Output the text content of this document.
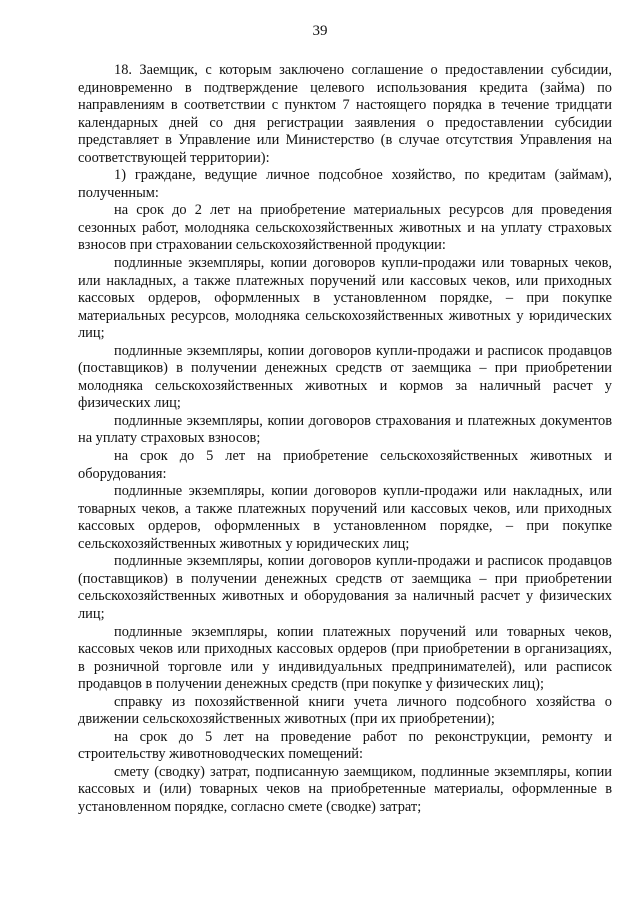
39

18. Заемщик, с которым заключено соглашение о предоставлении субсидии, единовременно в подтверждение целевого использования кредита (займа) по направлениям в соответствии с пунктом 7 настоящего порядка в течение тридцати календарных дней со дня регистрации заявления о предоставлении субсидии представляет в Управление или Министерство (в случае отсутствия Управления на соответствующей территории):

1) граждане, ведущие личное подсобное хозяйство, по кредитам (займам), полученным:

на срок до 2 лет на приобретение материальных ресурсов для проведения сезонных работ, молодняка сельскохозяйственных животных и на уплату страховых взносов при страховании сельскохозяйственной продукции:

подлинные экземпляры, копии договоров купли-продажи или товарных чеков, или накладных, а также платежных поручений или кассовых чеков, или приходных кассовых ордеров, оформленных в установленном порядке, – при покупке материальных ресурсов, молодняка сельскохозяйственных животных у юридических лиц;

подлинные экземпляры, копии договоров купли-продажи и расписок продавцов (поставщиков) в получении денежных средств от заемщика – при приобретении молодняка сельскохозяйственных животных и кормов за наличный расчет у физических лиц;

подлинные экземпляры, копии договоров страхования и платежных документов на уплату страховых взносов;

на срок до 5 лет на приобретение сельскохозяйственных животных и оборудования:

подлинные экземпляры, копии договоров купли-продажи или накладных, или товарных чеков, а также платежных поручений или кассовых чеков, или приходных кассовых ордеров, оформленных в установленном порядке, – при покупке сельскохозяйственных животных у юридических лиц;

подлинные экземпляры, копии договоров купли-продажи и расписок продавцов (поставщиков) в получении денежных средств от заемщика – при приобретении сельскохозяйственных животных и оборудования за наличный расчет у физических лиц;

подлинные экземпляры, копии платежных поручений или товарных чеков, кассовых чеков или приходных кассовых ордеров (при приобретении в организациях, в розничной торговле или у индивидуальных предпринимателей), или расписок продавцов в получении денежных средств (при покупке у физических лиц);

справку из похозяйственной книги учета личного подсобного хозяйства о движении сельскохозяйственных животных (при их приобретении);

на срок до 5 лет на проведение работ по реконструкции, ремонту и строительству животноводческих помещений:

смету (сводку) затрат, подписанную заемщиком, подлинные экземпляры, копии кассовых и (или) товарных чеков на приобретенные материалы, оформленные в установленном порядке, согласно смете (сводке) затрат;
